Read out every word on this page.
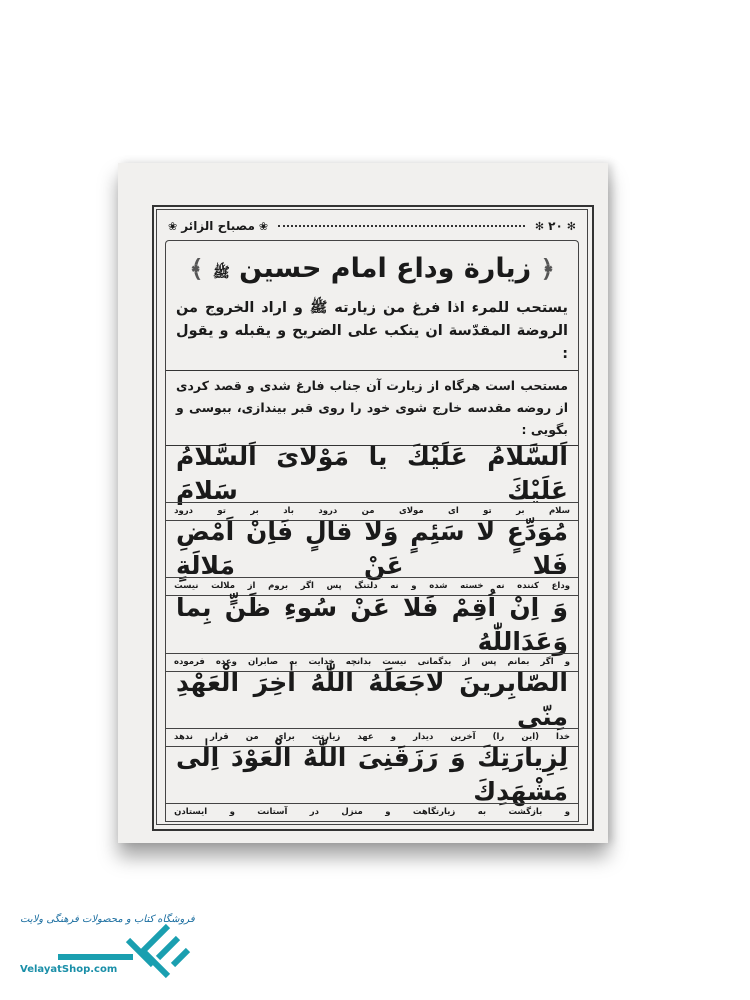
✻
۲۰
✻
❀
مصباح الزائر
❀
﴿ زيارة وداع امام حسين ﷺ ﴾
يستحب للمرء اذا فرغ من زيارته ﷺ و اراد الخروج من الروضة المقدّسة ان ينكب على الضريح و يقبله و يقول :
مستحب است هرگاه از زيارت آن جناب فارغ شدی و قصد كردی از روضه مقدسه خارج شوی خود را روی قبر بيندازی، ببوسی و بگويی :
اَلسَّلامُ عَلَيْكَ يا مَوْلایَ اَلسَّلامُ عَلَيْكَ سَلامَ
سلام
بر
تو
ای
مولای
من
درود
باد
بر
تو
درود
مُوَدِّعٍ لا سَئِمٍ وَلا قالٍ فَاِنْ اَمْضِ فَلا عَنْ مَلالَةٍ
وداع
كننده
نه
خسته
شده
و
نه
دلتنگ
پس
اگر
بروم
از
ملالت
نيست
وَ اِنْ اُقِمْ فَلا عَنْ سُوءِ ظَنٍّ بِما وَعَدَاللّٰهُ
و
اگر
بمانم
پس
از
بدگمانی
نيست
بدانچه
خدايت
به
صابران
وعده
فرموده
الصّابِرينَ لاجَعَلَهُ اللّٰهُ اٰخِرَ الْعَهْدِ مِنّی
خدا
(اين
را)
آخرين
ديدار
و
عهد
زيارتت
برای
من
قرار
ندهد
لِزِيارَتِكَ وَ رَزَقَنِیَ اللّٰهُ الْعَوْدَ اِلٰی مَشْهَدِكَ
و
بازگشت
به
زيارتگاهت
و
منزل
در
آستانت
و
ايستادن
فروشگاه كتاب و محصولات فرهنگی ولايت
VelayatShop.com
